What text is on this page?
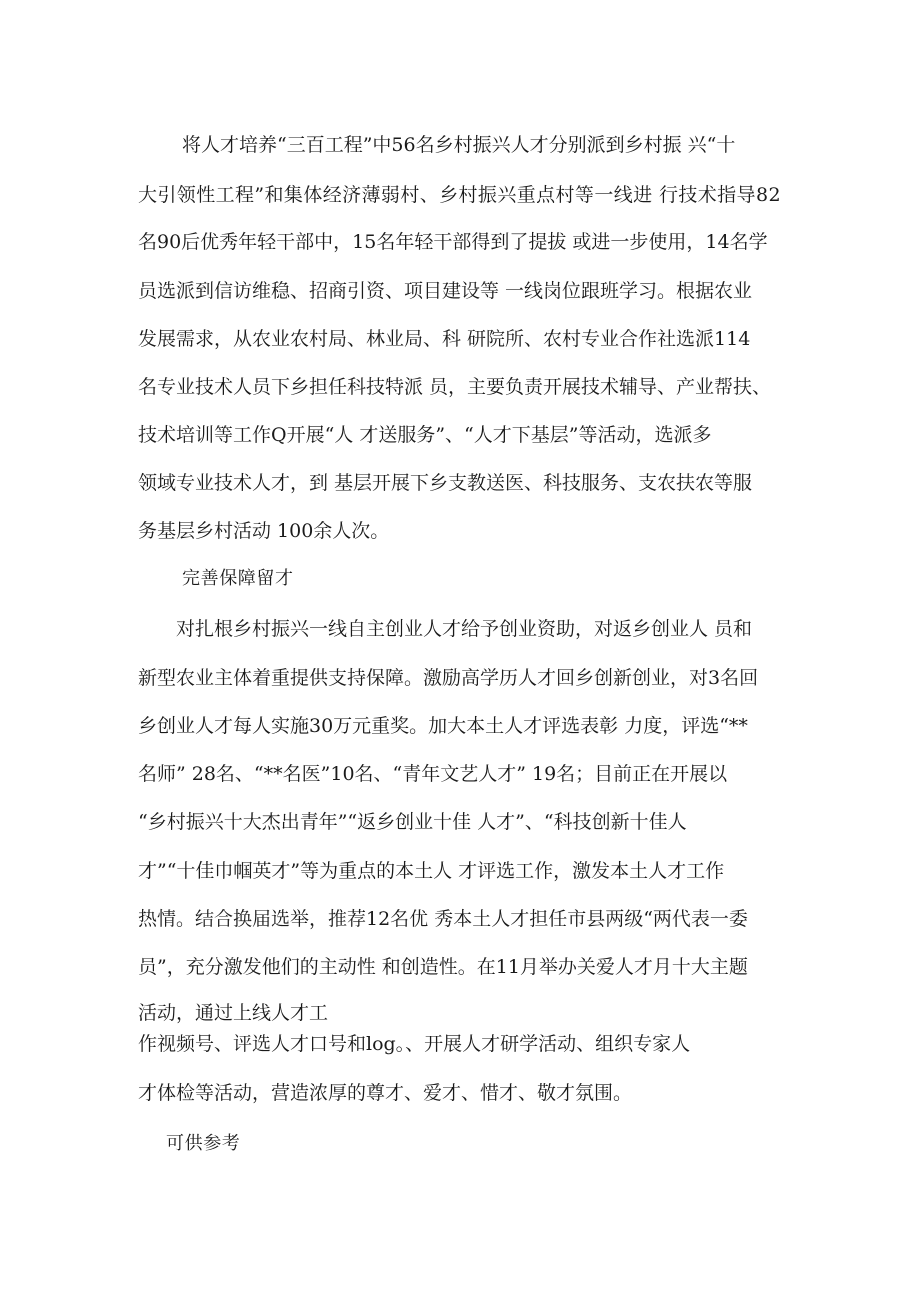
将人才培养“三百工程”中56名乡村振兴人才分别派到乡村振 兴“十
大引领性工程”和集体经济薄弱村、乡村振兴重点村等一线进 行技术指导82
名90后优秀年轻干部中，15名年轻干部得到了提拔 或进一步使用，14名学
员选派到信访维稳、招商引资、项目建设等 一线岗位跟班学习。根据农业
发展需求，从农业农村局、林业局、科 研院所、农村专业合作社选派114
名专业技术人员下乡担任科技特派 员，主要负责开展技术辅导、产业帮扶、
技术培训等工作Q开展“人 才送服务”、“人才下基层”等活动，选派多
领域专业技术人才，到 基层开展下乡支教送医、科技服务、支农扶农等服
务基层乡村活动 100余人次。
完善保障留才
对扎根乡村振兴一线自主创业人才给予创业资助，对返乡创业人 员和
新型农业主体着重提供支持保障。激励高学历人才回乡创新创业，对3名回
乡创业人才每人实施30万元重奖。加大本土人才评选表彰 力度，评选“**
名师” 28名、“**名医”10名、“青年文艺人才” 19名；目前正在开展以
“乡村振兴十大杰出青年”“返乡创业十佳 人才”、“科技创新十佳人
才”“十佳巾帼英才”等为重点的本土人 才评选工作，激发本土人才工作
热情。结合换届选举，推荐12名优 秀本土人才担任市县两级“两代表一委
员”，充分激发他们的主动性 和创造性。在11月举办关爱人才月十大主题
活动，通过上线人才工
作视频号、评选人才口号和log。、开展人才研学活动、组织专家人
才体检等活动，营造浓厚的尊才、爱才、惜才、敬才氛围。
可供参考
